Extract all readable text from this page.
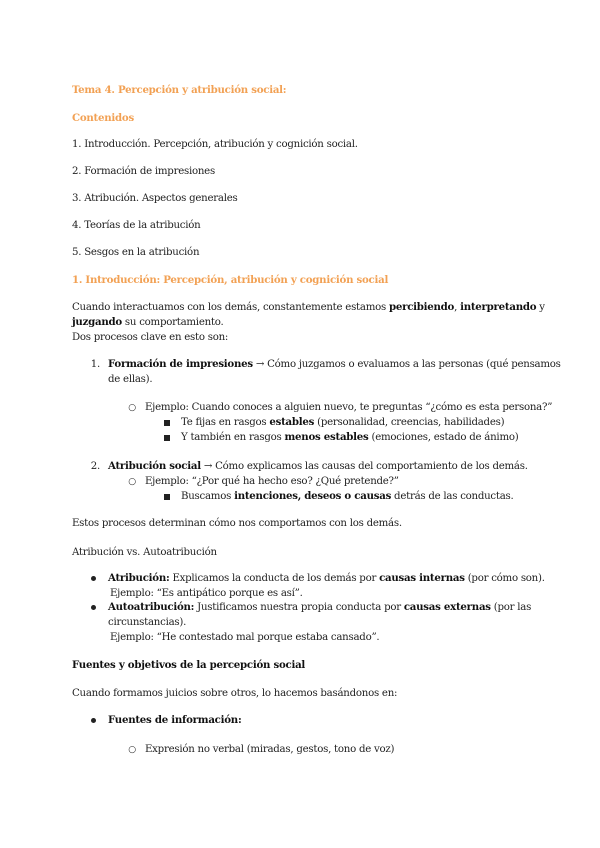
Tema 4. Percepción y atribución social:
Contenidos
1. Introducción. Percepción, atribución y cognición social.
2. Formación de impresiones
3. Atribución. Aspectos generales
4. Teorías de la atribución
5. Sesgos en la atribución
1. Introducción: Percepción, atribución y cognición social
Cuando interactuamos con los demás, constantemente estamos percibiendo, interpretando y
juzgando su comportamiento.
Dos procesos clave en esto son:
1. Formación de impresiones → Cómo juzgamos o evaluamos a las personas (qué pensamos
de ellas).
○ Ejemplo: Cuando conoces a alguien nuevo, te preguntas “¿cómo es esta persona?”
Te fijas en rasgos estables (personalidad, creencias, habilidades)
Y también en rasgos menos estables (emociones, estado de ánimo)
2. Atribución social → Cómo explicamos las causas del comportamiento de los demás.
○ Ejemplo: “¿Por qué ha hecho eso? ¿Qué pretende?”
Buscamos intenciones, deseos o causas detrás de las conductas.
Estos procesos determinan cómo nos comportamos con los demás.
Atribución vs. Autoatribución
Atribución: Explicamos la conducta de los demás por causas internas (por cómo son).
Ejemplo: “Es antipático porque es así”.
Autoatribución: Justificamos nuestra propia conducta por causas externas (por las
circunstancias).
Ejemplo: “He contestado mal porque estaba cansado”.
Fuentes y objetivos de la percepción social
Cuando formamos juicios sobre otros, lo hacemos basándonos en:
Fuentes de información:
○ Expresión no verbal (miradas, gestos, tono de voz)
